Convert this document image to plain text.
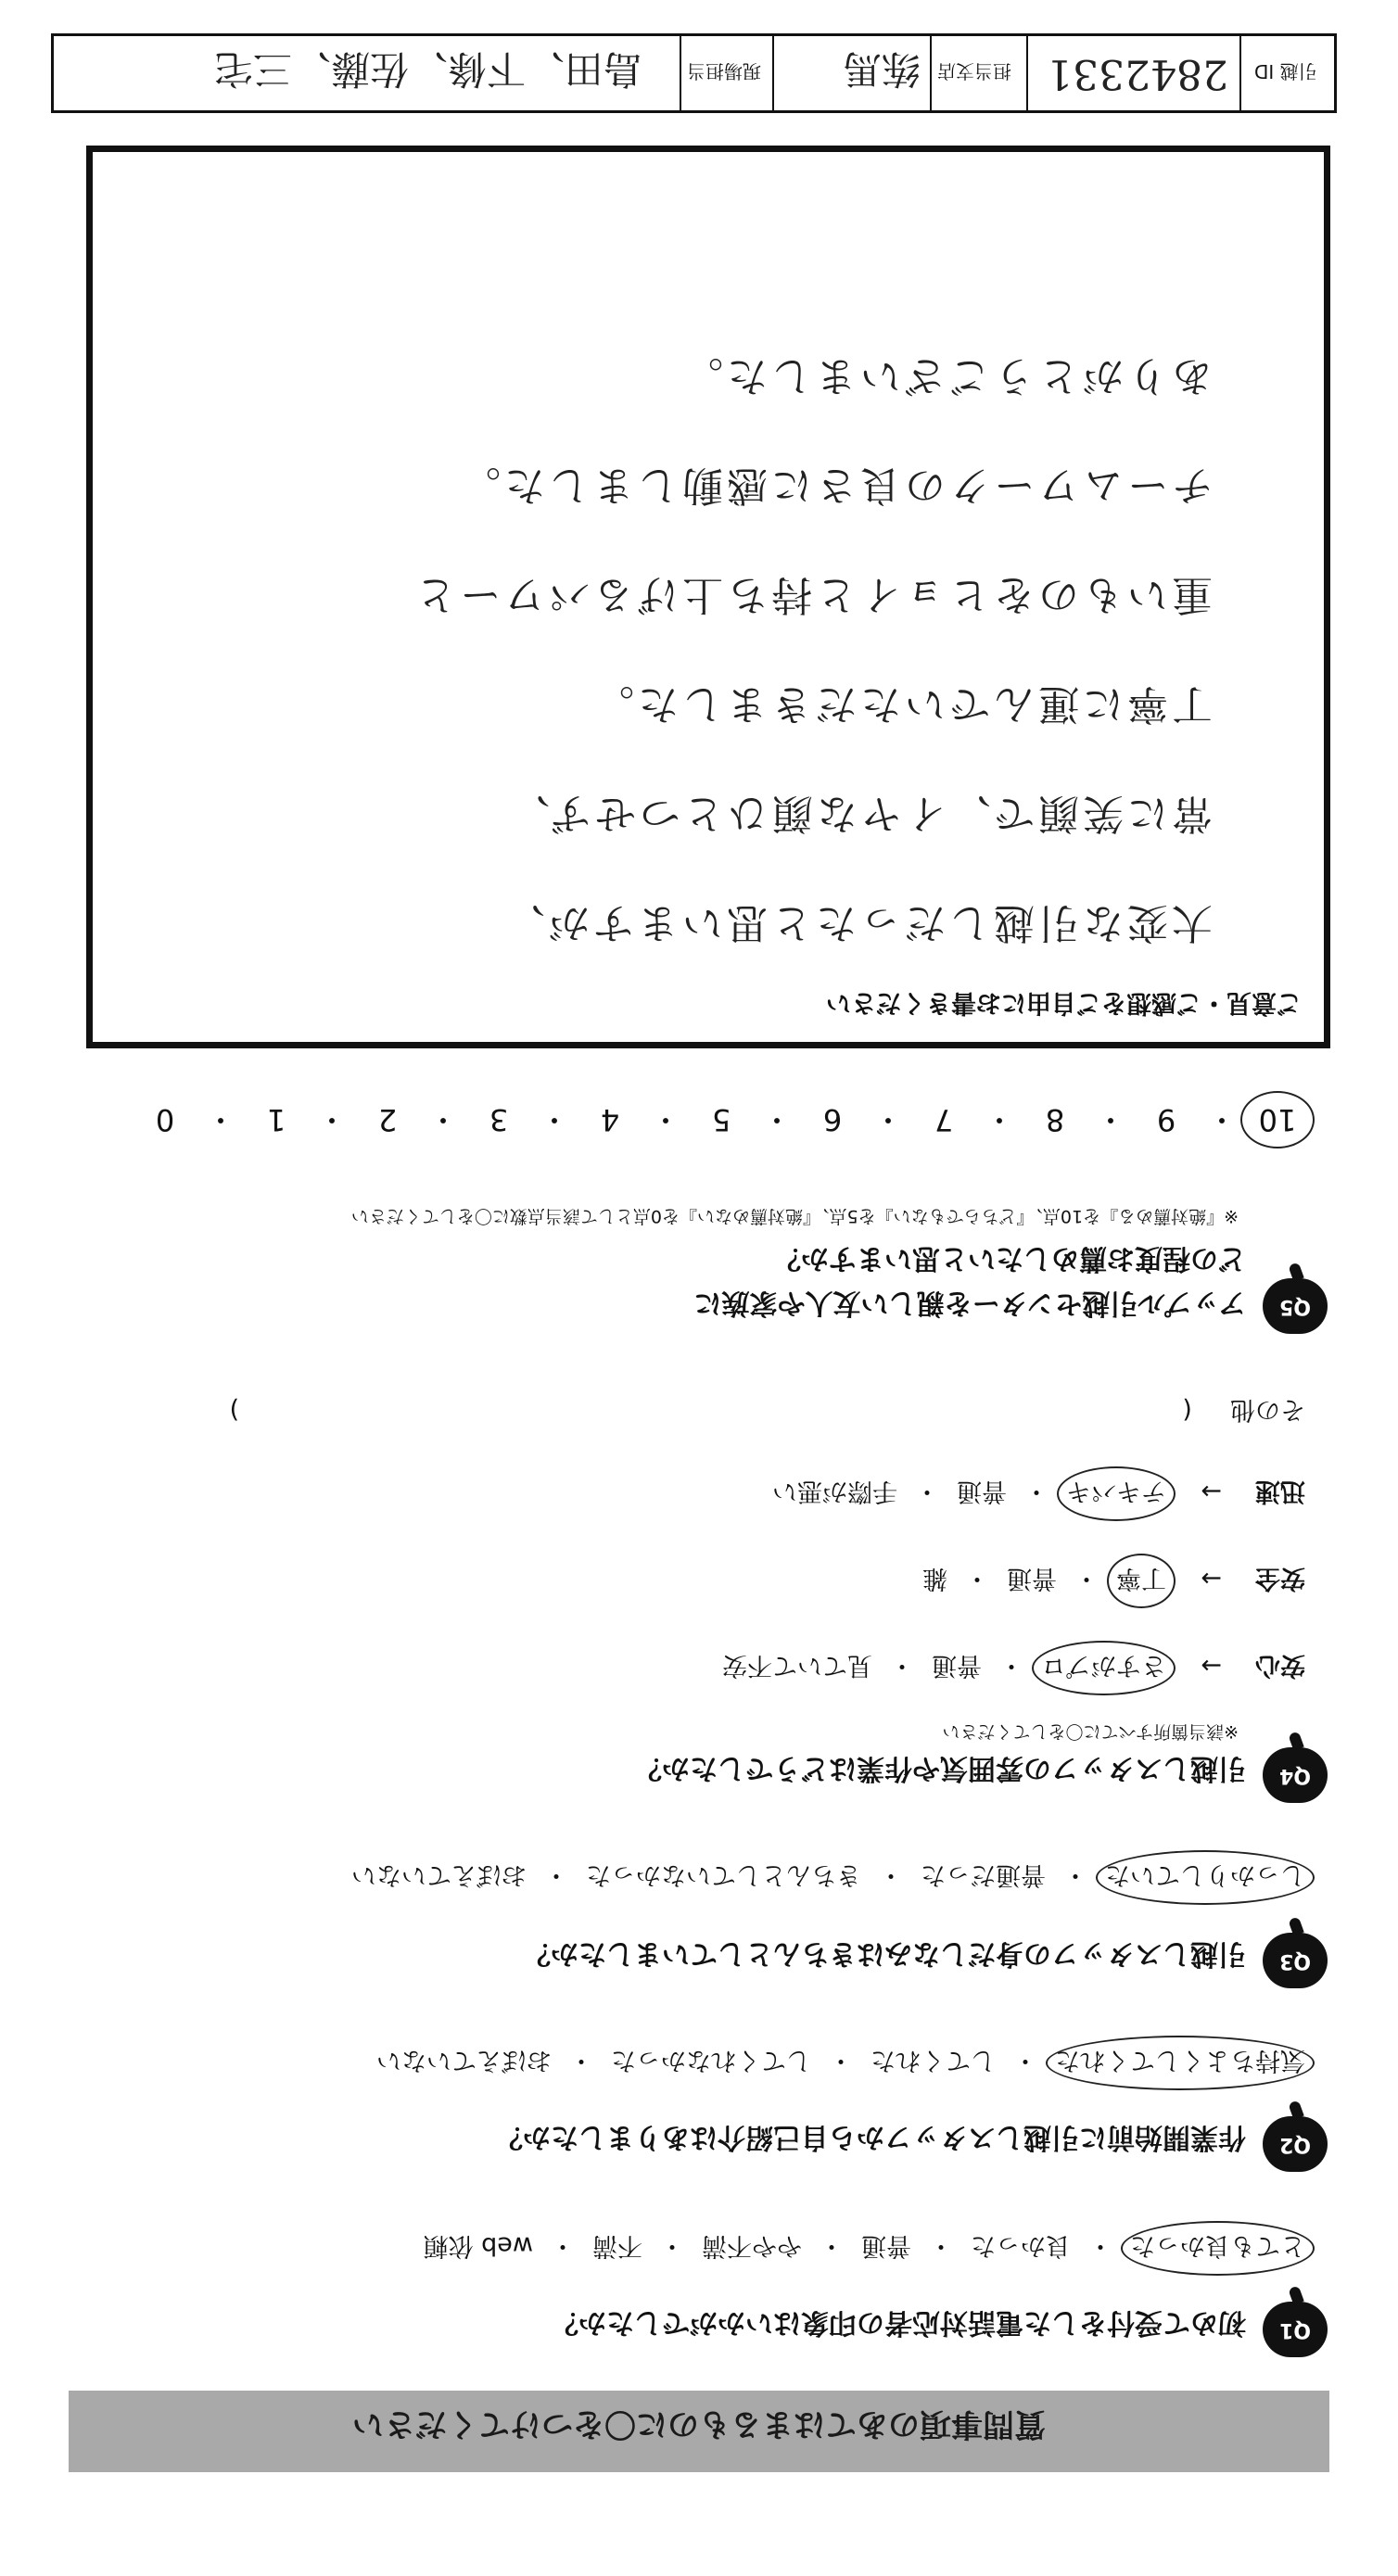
質問事項のあてはまるものに〇をつけてください
Q1
初めて受付をした電話対応者の印象はいかがでしたか？
とても良かった・良かった・普通・やや不満・不満・web 依頼
Q2
作業開始前に引越しスタッフから自己紹介はありましたか？
気持ちよくしてくれた・してくれた・してくれなかった・おぼえていない
Q3
引越しスタッフの身だしなみはきちんとしていましたか？
しっかりしていた・普通だった・きちんとしていなかった・おぼえていない
Q4
引越しスタッフの雰囲気や作業はどうでしたか？
※該当箇所すべてに〇をしてください
安心→さすがプロ・普通・見ていて不安
安全→丁寧・普通・雑
迅速→テキパキ・普通・手際が悪い
その他  (  )
Q5
アップル引越センターを親しい友人や家族に
どの程度お薦めしたいと思いますか？
※『絶対薦める』を10点、『どちらでもない』を5点、『絶対薦めない』を0点として該当点数に〇をしてください
10・9・8・7・6・5・4・3・2・1・0
ご意見・ご感想をご自由にお書きください
大変な引越しだったと思いますが、
常に笑顔で、イヤな顔ひとつせず、
丁寧に運んでいただきました。
重いものをヒョイと持ち上げるパワーと
チームワークの良さに感動しました。
ありがとうございました。
引越 ID
2842331
担当支店
练馬
現場担当
島田、下條、佐藤、三宅
